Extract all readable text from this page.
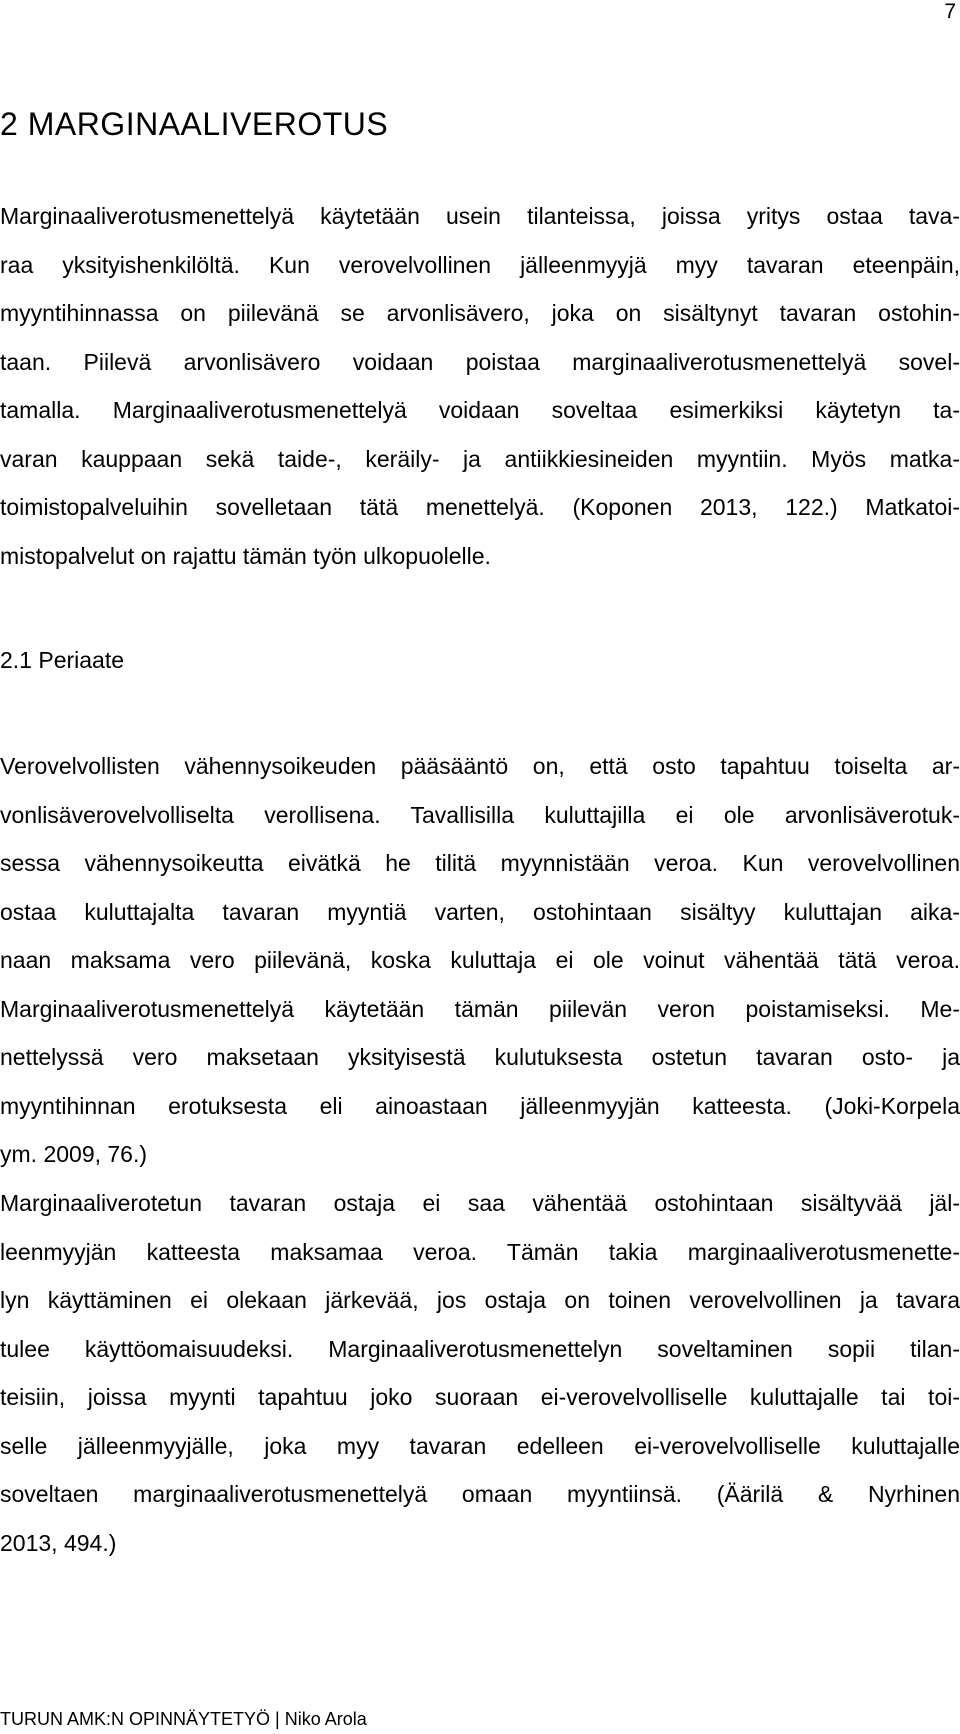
7
2 MARGINAALIVEROTUS

Marginaaliverotusmenettelyä käytetään usein tilanteissa, joissa yritys ostaa tava-
raa yksityishenkilöltä. Kun verovelvollinen jälleenmyyjä myy tavaran eteenpäin,
myyntihinnassa on piilevänä se arvonlisävero, joka on sisältynyt tavaran ostohin-
taan. Piilevä arvonlisävero voidaan poistaa marginaaliverotusmenettelyä sovel-
tamalla. Marginaaliverotusmenettelyä voidaan soveltaa esimerkiksi käytetyn ta-
varan kauppaan sekä taide-, keräily- ja antiikkiesineiden myyntiin. Myös matka-
toimistopalveluihin sovelletaan tätä menettelyä. (Koponen 2013, 122.) Matkatoi-
mistopalvelut on rajattu tämän työn ulkopuolelle.

2.1 Periaate

Verovelvollisten vähennysoikeuden pääsääntö on, että osto tapahtuu toiselta ar-
vonlisäverovelvolliselta verollisena. Tavallisilla kuluttajilla ei ole arvonlisäverotuk-
sessa vähennysoikeutta eivätkä he tilitä myynnistään veroa. Kun verovelvollinen
ostaa kuluttajalta tavaran myyntiä varten, ostohintaan sisältyy kuluttajan aika-
naan maksama vero piilevänä, koska kuluttaja ei ole voinut vähentää tätä veroa.
Marginaaliverotusmenettelyä käytetään tämän piilevän veron poistamiseksi. Me-
nettelyssä vero maksetaan yksityisestä kulutuksesta ostetun tavaran osto- ja
myyntihinnan erotuksesta eli ainoastaan jälleenmyyjän katteesta. (Joki-Korpela
ym. 2009, 76.)

Marginaaliverotetun tavaran ostaja ei saa vähentää ostohintaan sisältyvää jäl-
leenmyyjän katteesta maksamaa veroa. Tämän takia marginaaliverotusmenette-
lyn käyttäminen ei olekaan järkevää, jos ostaja on toinen verovelvollinen ja tavara
tulee käyttöomaisuudeksi. Marginaaliverotusmenettelyn soveltaminen sopii tilan-
teisiin, joissa myynti tapahtuu joko suoraan ei-verovelvolliselle kuluttajalle tai toi-
selle jälleenmyyjälle, joka myy tavaran edelleen ei-verovelvolliselle kuluttajalle
soveltaen marginaaliverotusmenettelyä omaan myyntiinsä. (Äärilä & Nyrhinen
2013, 494.)

TURUN AMK:N OPINNÄYTETYÖ | Niko Arola
